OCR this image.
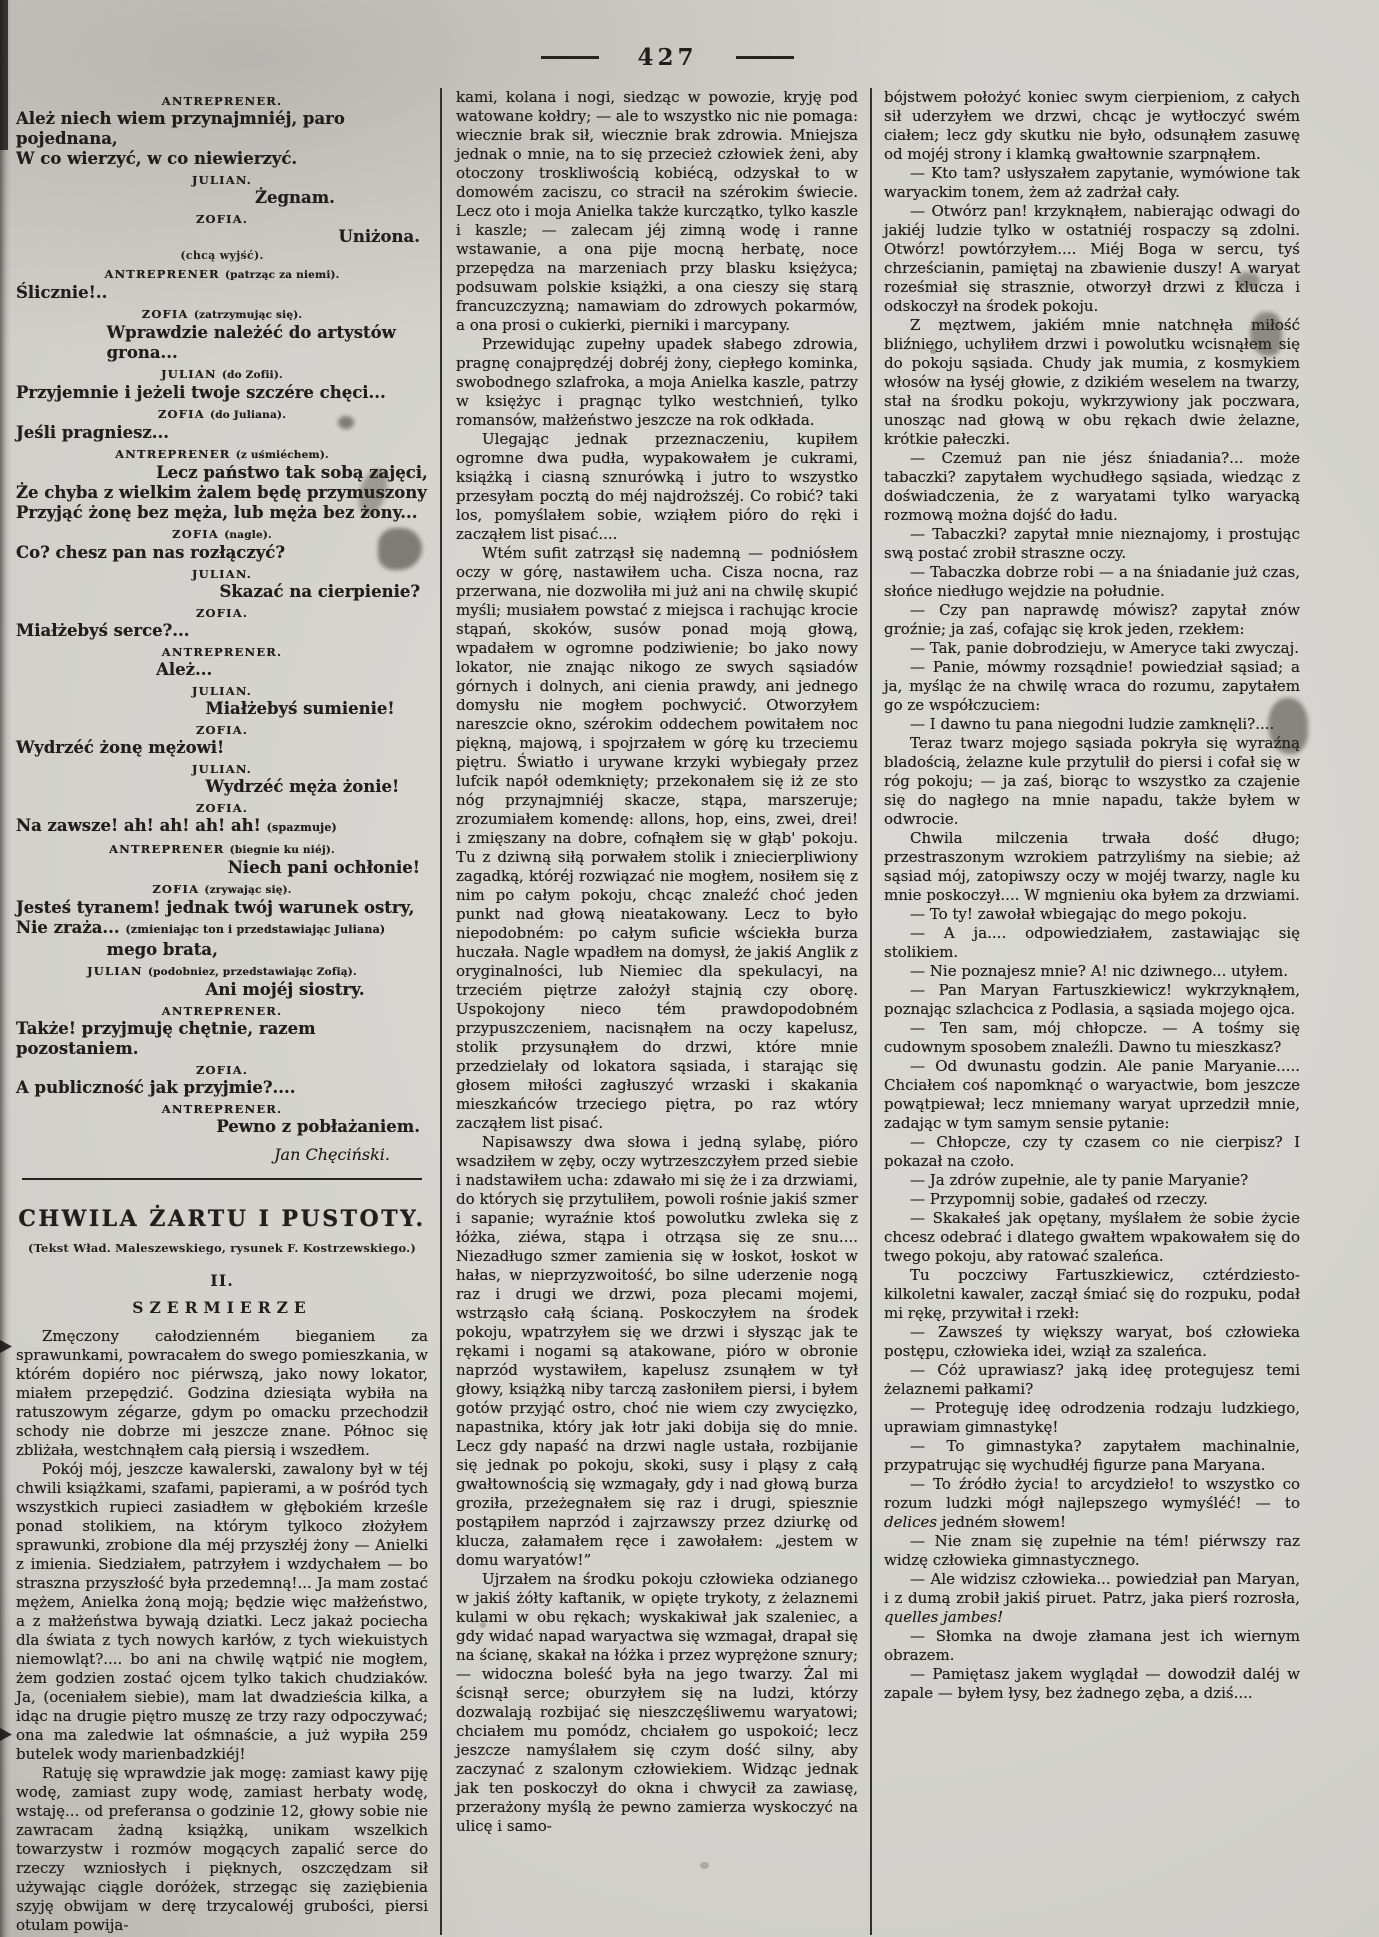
427
ANTREPRENER.
Ależ niech wiem przynajmniéj, paro pojednana,
W co wierzyć, w co niewierzyć.
JULIAN.
Żegnam.
ZOFIA.
Uniżona.
(chcą wyjść).
ANTREPRENER (patrząc za niemi).
Ślicznie!..
ZOFIA (zatrzymując się).
Wprawdzie należéć do artystów grona...
JULIAN (do Zofii).
Przyjemnie i jeżeli twoje szczére chęci...
ZOFIA (do Juliana).
Jeśli pragniesz...
ANTREPRENER (z uśmiéchem).
Lecz państwo tak sobą zajęci,
Że chyba z wielkim żalem będę przymuszony
Przyjąć żonę bez męża, lub męża bez żony...
ZOFIA (nagle).
Co? chesz pan nas rozłączyć?
JULIAN.
Skazać na cierpienie?
ZOFIA.
Miałżebyś serce?...
ANTREPRENER.
Ależ...
JULIAN.
Miałżebyś sumienie!
ZOFIA.
Wydrzéć żonę mężowi!
JULIAN.
Wydrzéć męża żonie!
ZOFIA.
Na zawsze! ah! ah! ah! ah! (spazmuje)
ANTREPRENER (biegnie ku niéj).
Niech pani ochłonie!
ZOFIA (zrywając się).
Jesteś tyranem! jednak twój warunek ostry,
Nie zraża... (zmieniając ton i przedstawiając Juliana)
mego brata,
JULIAN (podobniez, przedstawiając Zofią).
Ani mojéj siostry.
ANTREPRENER.
Także! przyjmuję chętnie, razem pozostaniem.
ZOFIA.
A publiczność jak przyjmie?....
ANTREPRENER.
Pewno z pobłażaniem.
Jan Chęciński.
CHWILA ŻARTU I PUSTOTY.
(Tekst Wład. Maleszewskiego, rysunek F. Kostrzewskiego.)
II.
SZERMIERZE

Zmęczony całodzienném bieganiem za sprawunkami, powracałem do swego pomieszkania, w którém dopiéro noc piérwszą, jako nowy lokator, miałem przepędzić. Godzina dziesiąta wybiła na ratuszowym zégarze, gdym po omacku przechodził schody nie dobrze mi jeszcze znane. Północ się zbliżała, westchnąłem całą piersią i wszedłem.

Pokój mój, jeszcze kawalerski, zawalony był w téj chwili książkami, szafami, papierami, a w pośród tych wszystkich rupieci zasiadłem w głębokiém krześle ponad stolikiem, na którym tylkoco złożyłem sprawunki, zrobione dla méj przyszłéj żony — Anielki z imienia. Siedziałem, patrzyłem i wzdychałem — bo straszna przyszłość była przedemną!... Ja mam zostać mężem, Anielka żoną moją; będzie więc małżeństwo, a z małżeństwa bywają dziatki. Lecz jakaż pociecha dla świata z tych nowych karłów, z tych wiekuistych niemowląt?.... bo ani na chwilę wątpić nie mogłem, żem godzien zostać ojcem tylko takich chudziaków. Ja, (oceniałem siebie), mam lat dwadzieścia kilka, a idąc na drugie piętro muszę ze trzy razy odpoczywać; ona ma zaledwie lat ośmnaście, a już wypiła 259 butelek wody marienbadzkiéj!

Ratuję się wprawdzie jak mogę: zamiast kawy piję wodę, zamiast zupy wodę, zamiast herbaty wodę, wstaję... od preferansa o godzinie 12, głowy sobie nie zawracam żadną książką, unikam wszelkich towarzystw i rozmów mogących zapalić serce do rzeczy wzniosłych i pięknych, oszczędzam sił używając ciągle doróżek, strzegąc się zaziębienia szyję obwijam w derę trzycalowéj grubości, piersi otulam powija-

kami, kolana i nogi, siedząc w powozie, kryję pod watowane kołdry; — ale to wszystko nic nie pomaga: wiecznie brak sił, wiecznie brak zdrowia. Mniejsza jednak o mnie, na to się przecież człowiek żeni, aby otoczony troskliwością kobiécą, odzyskał to w domowém zaciszu, co stracił na szérokim świecie. Lecz oto i moja Anielka także kurczątko, tylko kaszle i kaszle; — zalecam jéj zimną wodę i ranne wstawanie, a ona pije mocną herbatę, noce przepędza na marzeniach przy blasku księżyca; podsuwam polskie książki, a ona cieszy się starą francuzczyzną; namawiam do zdrowych pokarmów, a ona prosi o cukierki, pierniki i marcypany.

Przewidując zupełny upadek słabego zdrowia, pragnę conajprędzéj dobréj żony, ciepłego kominka, swobodnego szlafroka, a moja Anielka kaszle, patrzy w księżyc i pragnąc tylko westchnień, tylko romansów, małżeństwo jeszcze na rok odkłada.

Ulegając jednak przeznaczeniu, kupiłem ogromne dwa pudła, wypakowałem je cukrami, książką i ciasną sznurówką i jutro to wszystko przesyłam pocztą do méj najdroższéj. Co robić? taki los, pomyślałem sobie, wziąłem pióro do ręki i zacząłem list pisać....

Wtém sufit zatrząsł się nademną — podniósłem oczy w górę, nastawiłem ucha. Cisza nocna, raz przerwana, nie dozwoliła mi już ani na chwilę skupić myśli; musiałem powstać z miejsca i rachując krocie stąpań, skoków, susów ponad moją głową, wpadałem w ogromne podziwienie; bo jako nowy lokator, nie znając nikogo ze swych sąsiadów górnych i dolnych, ani cienia prawdy, ani jednego domysłu nie mogłem pochwycić. Otworzyłem nareszcie okno, szérokim oddechem powitałem noc piękną, majową, i spojrzałem w górę ku trzeciemu piętru. Światło i urywane krzyki wybiegały przez lufcik napół odemknięty; przekonałem się iż ze sto nóg przynajmniéj skacze, stąpa, marszeruje; zrozumiałem komendę: allons, hop, eins, zwei, drei! i zmięszany na dobre, cofnąłem się w głąb' pokoju. Tu z dziwną siłą porwałem stolik i zniecierpliwiony zagadką, któréj rozwiązać nie mogłem, nosiłem się z nim po całym pokoju, chcąc znaleźć choć jeden punkt nad głową nieatakowany. Lecz to było niepodobném: po całym suficie wściekła burza huczała. Nagle wpadłem na domysł, że jakiś Anglik z oryginalności, lub Niemiec dla spekulacyi, na trzeciém piętrze założył stajnią czy oborę. Uspokojony nieco tém prawdopodobném przypuszczeniem, nacisnąłem na oczy kapelusz, stolik przysunąłem do drzwi, które mnie przedzielały od lokatora sąsiada, i starając się głosem miłości zagłuszyć wrzaski i skakania mieszkańców trzeciego piętra, po raz wtóry zacząłem list pisać.

Napisawszy dwa słowa i jedną sylabę, pióro wsadziłem w zęby, oczy wytrzeszczyłem przed siebie i nadstawiłem ucha: zdawało mi się że i za drzwiami, do których się przytuliłem, powoli rośnie jakiś szmer i sapanie; wyraźnie ktoś powolutku zwleka się z łóżka, ziéwa, stąpa i otrząsa się ze snu.... Niezadługo szmer zamienia się w łoskot, łoskot w hałas, w nieprzyzwoitość, bo silne uderzenie nogą raz i drugi we drzwi, poza plecami mojemi, wstrząsło całą ścianą. Poskoczyłem na środek pokoju, wpatrzyłem się we drzwi i słysząc jak te rękami i nogami są atakowane, pióro w obronie naprzód wystawiłem, kapelusz zsunąłem w tył głowy, książką niby tarczą zasłoniłem piersi, i byłem gotów przyjąć ostro, choć nie wiem czy zwycięzko, napastnika, który jak łotr jaki dobija się do mnie. Lecz gdy napaść na drzwi nagle ustała, rozbijanie się jednak po pokoju, skoki, susy i pląsy z całą gwałtownością się wzmagały, gdy i nad głową burza groziła, przeżegnałem się raz i drugi, spiesznie postąpiłem naprzód i zajrzawszy przez dziurkę od klucza, załamałem ręce i zawołałem: „jestem w domu waryatów!”

Ujrzałem na środku pokoju człowieka odzianego w jakiś żółty kaftanik, w opięte trykoty, z żelaznemi kulami w obu rękach; wyskakiwał jak szaleniec, a gdy widać napad waryactwa się wzmagał, drapał się na ścianę, skakał na łóżka i przez wyprężone sznury; — widoczna boleść była na jego twarzy. Żal mi ścisnął serce; oburzyłem się na ludzi, którzy dozwalają rozbijać się nieszczęśliwemu waryatowi; chciałem mu pomódz, chciałem go uspokoić; lecz jeszcze namyślałem się czym dość silny, aby zaczynać z szalonym człowiekiem. Widząc jednak jak ten poskoczył do okna i chwycił za zawiasę, przerażony myślą że pewno zamierza wyskoczyć na ulicę i samo-

bójstwem położyć koniec swym cierpieniom, z całych sił uderzyłem we drzwi, chcąc je wytłoczyć swém ciałem; lecz gdy skutku nie było, odsunąłem zasuwę od mojéj strony i klamką gwałtownie szarpnąłem.

— Kto tam? usłyszałem zapytanie, wymówione tak waryackim tonem, żem aż zadrżał cały.

— Otwórz pan! krzyknąłem, nabierając odwagi do jakiéj ludzie tylko w ostatniéj rospaczy są zdolni. Otwórz! powtórzyłem.... Miéj Boga w sercu, tyś chrześcianin, pamiętaj na zbawienie duszy! A waryat roześmiał się strasznie, otworzył drzwi z klucza i odskoczył na środek pokoju.

Z męztwem, jakiém mnie natchnęła miłość bliźniego, uchyliłem drzwi i powolutku wcisnąłem się do pokoju sąsiada. Chudy jak mumia, z kosmykiem włosów na łyséj głowie, z dzikiém weselem na twarzy, stał na środku pokoju, wykrzywiony jak poczwara, unosząc nad głową w obu rękach dwie żelazne, krótkie pałeczki.

— Czemuż pan nie jész śniadania?... może tabaczki? zapytałem wychudłego sąsiada, wiedząc z doświadczenia, że z waryatami tylko waryacką rozmową można dojść do ładu.

— Tabaczki? zapytał mnie nieznajomy, i prostując swą postać zrobił straszne oczy.

— Tabaczka dobrze robi — a na śniadanie już czas, słońce niedługo wejdzie na południe.

— Czy pan naprawdę mówisz? zapytał znów groźnie; ja zaś, cofając się krok jeden, rzekłem:

— Tak, panie dobrodzieju, w Ameryce taki zwyczaj.

— Panie, mówmy rozsądnie! powiedział sąsiad; a ja, myśląc że na chwilę wraca do rozumu, zapytałem go ze współczuciem:

— I dawno tu pana niegodni ludzie zamknęli?....

Teraz twarz mojego sąsiada pokryła się wyraźną bladością, żelazne kule przytulił do piersi i cofał się w róg pokoju; — ja zaś, biorąc to wszystko za czajenie się do nagłego na mnie napadu, także byłem w odwrocie.

Chwila milczenia trwała dość długo; przestraszonym wzrokiem patrzyliśmy na siebie; aż sąsiad mój, zatopiwszy oczy w mojéj twarzy, nagle ku mnie poskoczył.... W mgnieniu oka byłem za drzwiami.

— To ty! zawołał wbiegając do mego pokoju.

— A ja.... odpowiedziałem, zastawiając się stolikiem.

— Nie poznajesz mnie? A! nic dziwnego... utyłem.

— Pan Maryan Fartuszkiewicz! wykrzyknąłem, poznając szlachcica z Podlasia, a sąsiada mojego ojca.

— Ten sam, mój chłopcze. — A tośmy się cudownym sposobem znaleźli. Dawno tu mieszkasz?

— Od dwunastu godzin. Ale panie Maryanie..... Chciałem coś napomknąć o waryactwie, bom jeszcze powątpiewał; lecz mniemany waryat uprzedził mnie, zadając w tym samym sensie pytanie:

— Chłopcze, czy ty czasem co nie cierpisz? I pokazał na czoło.

— Ja zdrów zupełnie, ale ty panie Maryanie?

— Przypomnij sobie, gadałeś od rzeczy.

— Skakałeś jak opętany, myślałem że sobie życie chcesz odebrać i dlatego gwałtem wpakowałem się do twego pokoju, aby ratować szaleńca.

Tu poczciwy Fartuszkiewicz, cztérdziesto-kilkoletni kawaler, zaczął śmiać się do rozpuku, podał mi rękę, przywitał i rzekł:

— Zawsześ ty większy waryat, boś człowieka postępu, człowieka idei, wziął za szaleńca.

— Cóż uprawiasz? jaką ideę protegujesz temi żelaznemi pałkami?

— Proteguję ideę odrodzenia rodzaju ludzkiego, uprawiam gimnastykę!

— To gimnastyka? zapytałem machinalnie, przypatrując się wychudłéj figurze pana Maryana.

— To źródło życia! to arcydzieło! to wszystko co rozum ludzki mógł najlepszego wymyśléć! — to delices jedném słowem!

— Nie znam się zupełnie na tém! piérwszy raz widzę człowieka gimnastycznego.

— Ale widzisz człowieka... powiedział pan Maryan, i z dumą zrobił jakiś piruet. Patrz, jaka pierś rozrosła, quelles jambes!

— Słomka na dwoje złamana jest ich wiernym obrazem.

— Pamiętasz jakem wyglądał — dowodził daléj w zapale — byłem łysy, bez żadnego zęba, a dziś....
